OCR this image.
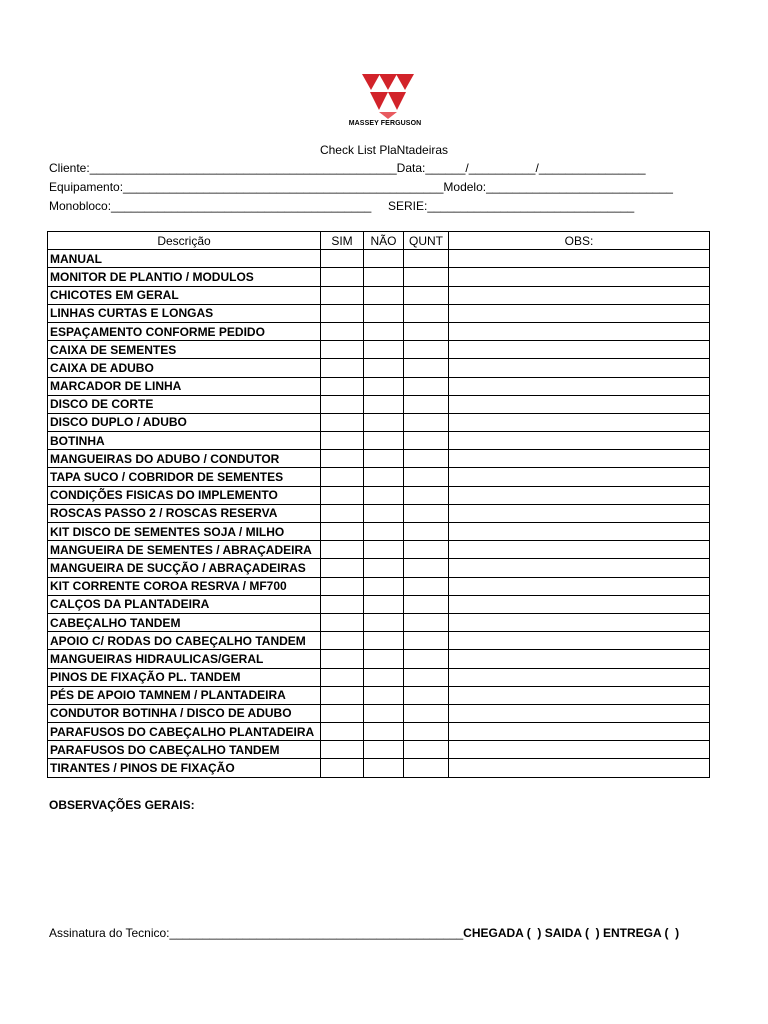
MASSEY FERGUSON
Check List PlaNtadeiras
Cliente:______________________________________________Data:______/__________/________________
Equipamento:________________________________________________Modelo:____________________________
Monobloco:_______________________________________     SERIE:_______________________________
Descrição	SIM	NÃO	QUNT	OBS:
MANUAL				
MONITOR DE PLANTIO / MODULOS				
CHICOTES EM GERAL				
LINHAS CURTAS E LONGAS				
ESPAÇAMENTO CONFORME PEDIDO				
CAIXA DE SEMENTES				
CAIXA DE ADUBO				
MARCADOR DE LINHA				
DISCO DE CORTE				
DISCO DUPLO / ADUBO				
BOTINHA				
MANGUEIRAS DO ADUBO / CONDUTOR				
TAPA SUCO / COBRIDOR DE SEMENTES				
CONDIÇÕES FISICAS DO IMPLEMENTO				
ROSCAS PASSO 2 / ROSCAS RESERVA				
KIT DISCO DE SEMENTES SOJA / MILHO				
MANGUEIRA DE SEMENTES / ABRAÇADEIRA				
MANGUEIRA DE SUCÇÃO / ABRAÇADEIRAS				
KIT CORRENTE COROA RESRVA / MF700				
CALÇOS DA PLANTADEIRA				
CABEÇALHO TANDEM				
APOIO C/ RODAS DO CABEÇALHO TANDEM				
MANGUEIRAS HIDRAULICAS/GERAL				
PINOS DE FIXAÇÃO PL. TANDEM				
PÉS DE APOIO TAMNEM / PLANTADEIRA				
CONDUTOR BOTINHA / DISCO DE ADUBO				
PARAFUSOS DO CABEÇALHO PLANTADEIRA				
PARAFUSOS DO CABEÇALHO TANDEM				
TIRANTES / PINOS DE FIXAÇÃO				
OBSERVAÇÕES GERAIS:
Assinatura do Tecnico:____________________________________________CHEGADA (  ) SAIDA (  ) ENTREGA (  )
